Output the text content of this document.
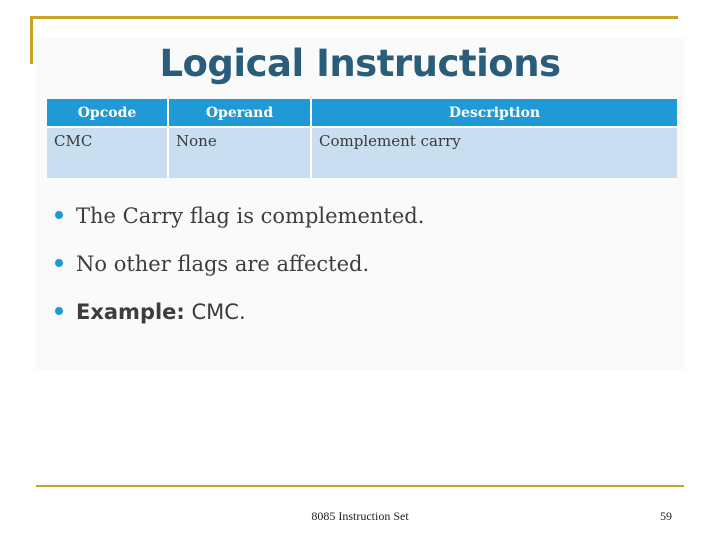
Logical Instructions
Opcode	Operand	Description
CMC	None	Complement carry
The Carry flag is complemented.
No other flags are affected.
Example: CMC.
8085 Instruction Set	59
